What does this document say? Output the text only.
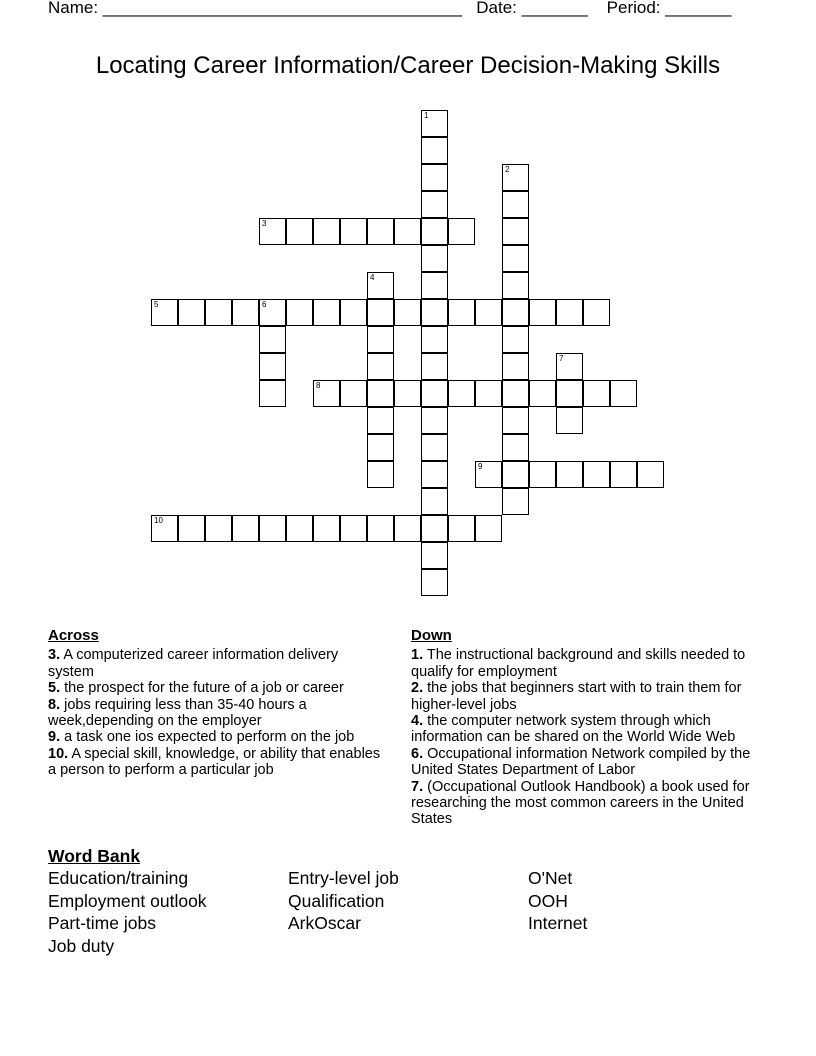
Name: ______________________________________   Date: _______    Period: _______
Locating Career Information/Career Decision-Making Skills
1
2
3
4
5	6
7
8
9
10
Across
3. A computerized career information delivery system
5. the prospect for the future of a job or career
8. jobs requiring less than 35-40 hours a week,depending on the employer
9. a task one ios expected to perform on the job
10. A special skill, knowledge, or ability that enables a person to perform a particular job
Down
1. The instructional background and skills needed to qualify for employment
2. the jobs that beginners start with to train them for higher-level jobs
4. the computer network system through which information can be shared on the World Wide Web
6. Occupational information Network compiled by the United States Department of Labor
7. (Occupational Outlook Handbook) a book used for researching the most common careers in the United States
Word Bank
Education/training	Entry-level job	O'Net
Employment outlook	Qualification	OOH
Part-time jobs	ArkOscar	Internet
Job duty
